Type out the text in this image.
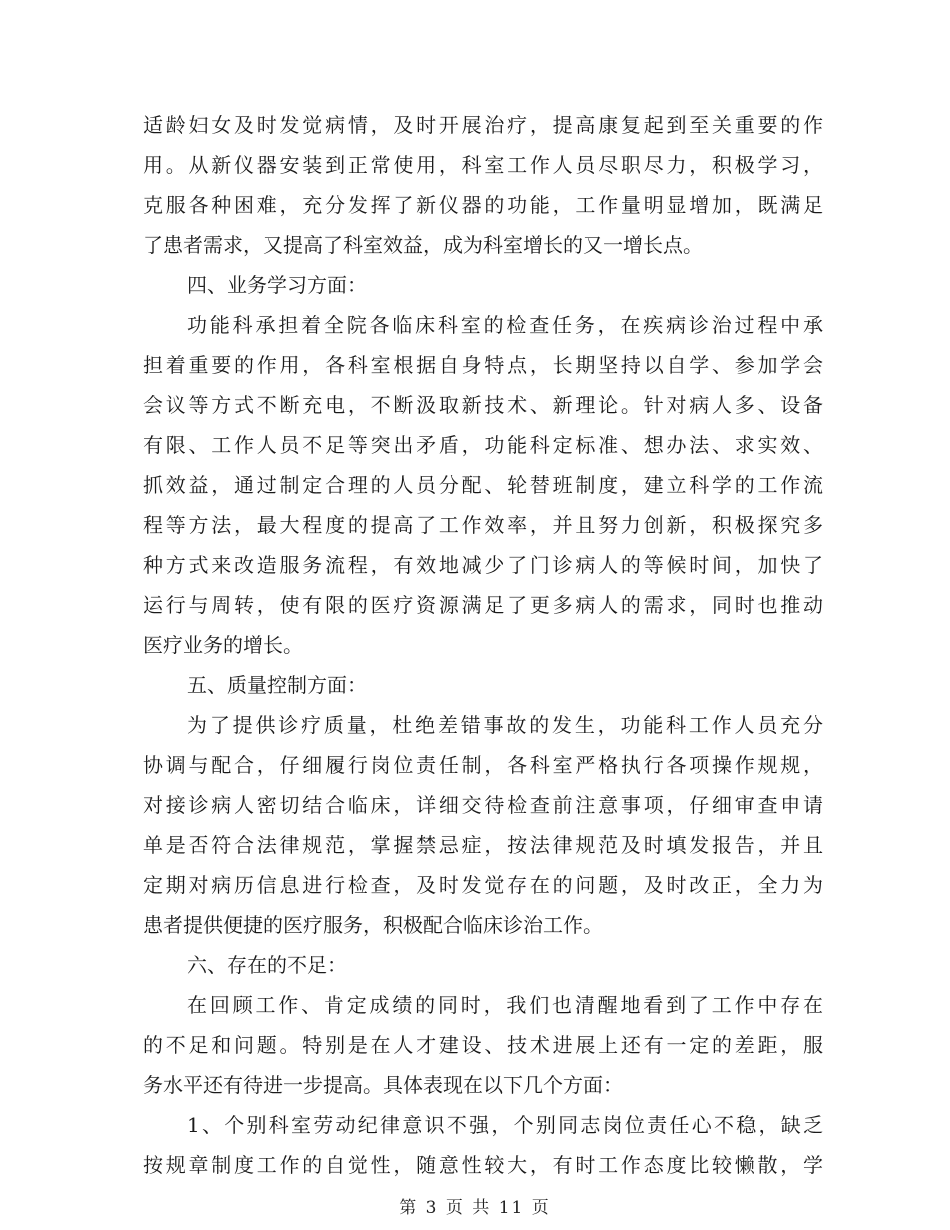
适龄妇女及时发觉病情，及时开展治疗，提高康复起到至关重要的作
用。从新仪器安装到正常使用，科室工作人员尽职尽力，积极学习，
克服各种困难，充分发挥了新仪器的功能，工作量明显增加，既满足
了患者需求，又提高了科室效益，成为科室增长的又一增长点。
四、业务学习方面：
功能科承担着全院各临床科室的检查任务，在疾病诊治过程中承
担着重要的作用，各科室根据自身特点，长期坚持以自学、参加学会
会议等方式不断充电，不断汲取新技术、新理论。针对病人多、设备
有限、工作人员不足等突出矛盾，功能科定标准、想办法、求实效、
抓效益，通过制定合理的人员分配、轮替班制度，建立科学的工作流
程等方法，最大程度的提高了工作效率，并且努力创新，积极探究多
种方式来改造服务流程，有效地减少了门诊病人的等候时间，加快了
运行与周转，使有限的医疗资源满足了更多病人的需求，同时也推动
医疗业务的增长。
五、质量控制方面：
为了提供诊疗质量，杜绝差错事故的发生，功能科工作人员充分
协调与配合，仔细履行岗位责任制，各科室严格执行各项操作规规，
对接诊病人密切结合临床，详细交待检查前注意事项，仔细审查申请
单是否符合法律规范，掌握禁忌症，按法律规范及时填发报告，并且
定期对病历信息进行检查，及时发觉存在的问题，及时改正，全力为
患者提供便捷的医疗服务，积极配合临床诊治工作。
六、存在的不足：
在回顾工作、肯定成绩的同时，我们也清醒地看到了工作中存在
的不足和问题。特别是在人才建设、技术进展上还有一定的差距，服
务水平还有待进一步提高。具体表现在以下几个方面：
1、个别科室劳动纪律意识不强，个别同志岗位责任心不稳，缺乏
按规章制度工作的自觉性，随意性较大，有时工作态度比较懒散，学
第 3 页 共 11 页
